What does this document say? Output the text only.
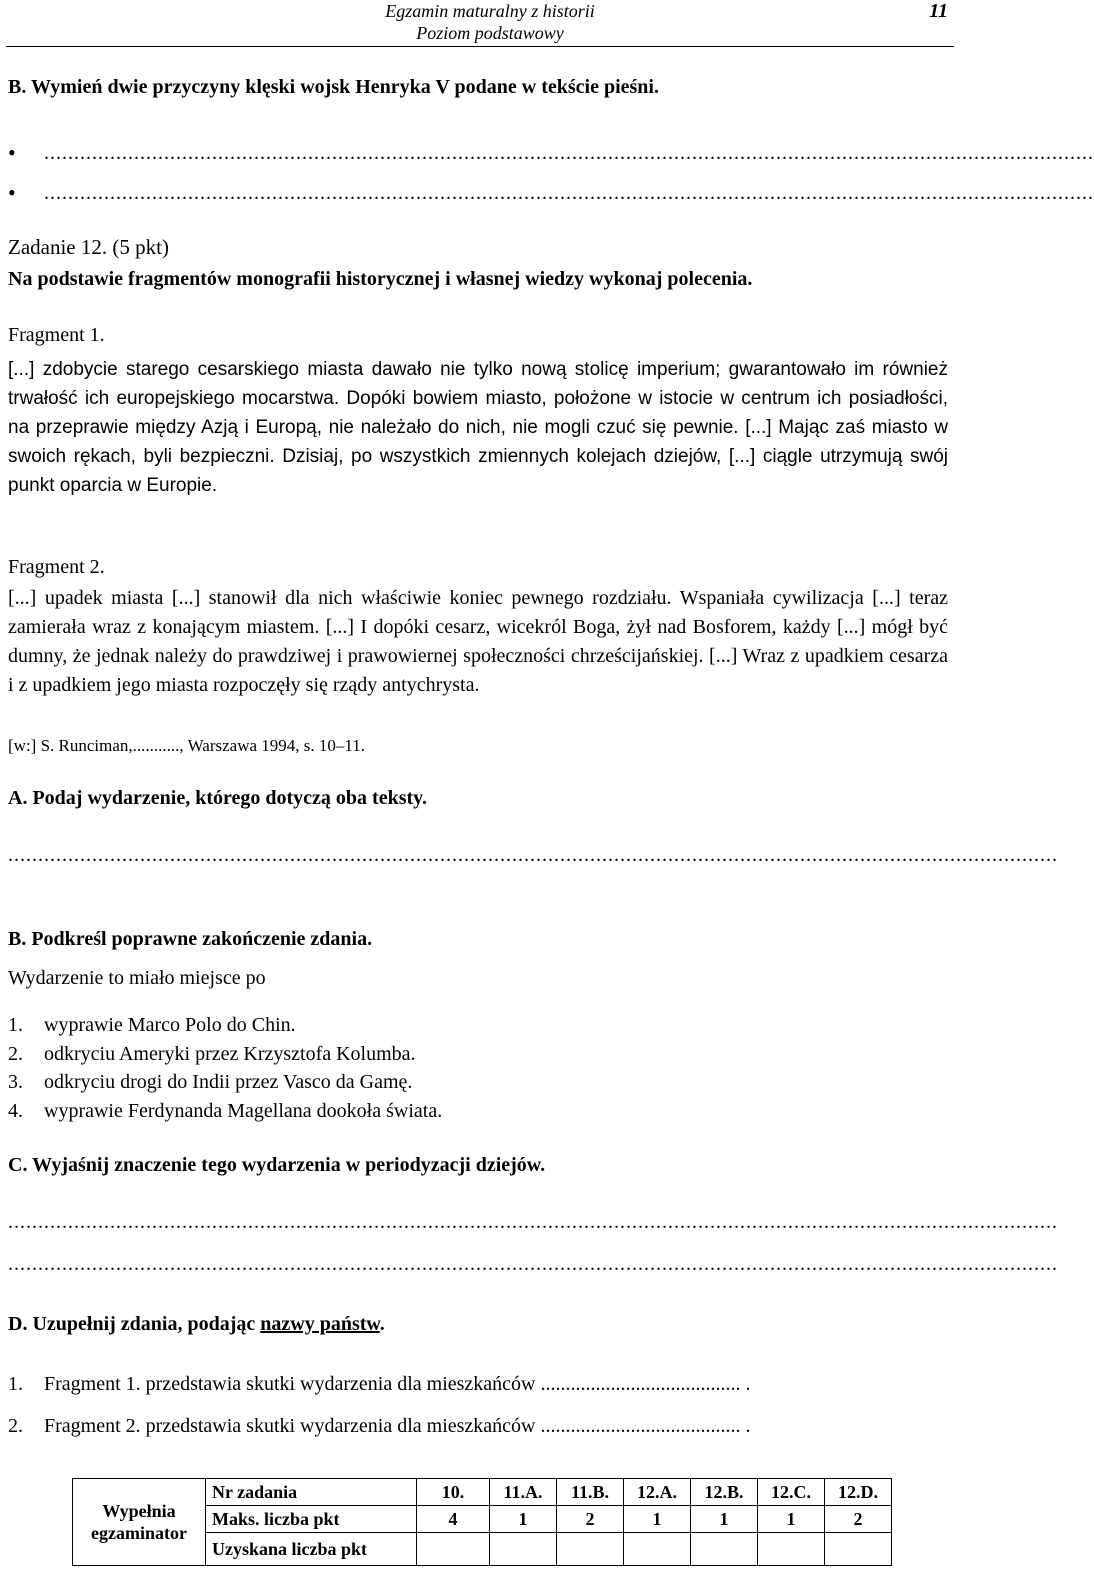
Egzamin maturalny z historii
Poziom podstawowy
11
B. Wymień dwie przyczyny klęski wojsk Henryka V podane w tekście pieśni.
• ...............................................................................................................................................................................
• ...............................................................................................................................................................................
Zadanie 12. (5 pkt)
Na podstawie fragmentów monografii historycznej i własnej wiedzy wykonaj polecenia.
Fragment 1.
[...] zdobycie starego cesarskiego miasta dawało nie tylko nową stolicę imperium; gwarantowało im również trwałość ich europejskiego mocarstwa. Dopóki bowiem miasto, położone w istocie w centrum ich posiadłości, na przeprawie między Azją i Europą, nie należało do nich, nie mogli czuć się pewnie. [...] Mając zaś miasto w swoich rękach, byli bezpieczni. Dzisiaj, po wszystkich zmiennych kolejach dziejów, [...] ciągle utrzymują swój punkt oparcia w Europie.
Fragment 2.
[...] upadek miasta [...] stanowił dla nich właściwie koniec pewnego rozdziału. Wspaniała cywilizacja [...] teraz zamierała wraz z konającym miastem. [...] I dopóki cesarz, wicekról Boga, żył nad Bosforem, każdy [...] mógł być dumny, że jednak należy do prawdziwej i prawowiernej społeczności chrześcijańskiej. [...] Wraz z upadkiem cesarza i z upadkiem jego miasta rozpoczęły się rządy antychrysta.
[w:] S. Runciman,..........., Warszawa 1994, s. 10–11.
A. Podaj wydarzenie, którego dotyczą oba teksty.
...............................................................................................................................................................................
B. Podkreśl poprawne zakończenie zdania.
Wydarzenie to miało miejsce po
1. wyprawie Marco Polo do Chin.
2. odkryciu Ameryki przez Krzysztofa Kolumba.
3. odkryciu drogi do Indii przez Vasco da Gamę.
4. wyprawie Ferdynanda Magellana dookoła świata.
C. Wyjaśnij znaczenie tego wydarzenia w periodyzacji dziejów.
...............................................................................................................................................................................
...............................................................................................................................................................................
D. Uzupełnij zdania, podając nazwy państw.
1. Fragment 1. przedstawia skutki wydarzenia dla mieszkańców ........................................ .
2. Fragment 2. przedstawia skutki wydarzenia dla mieszkańców ........................................ .
Wypełnia
egzaminator	Nr zadania	10.	11.A.	11.B.	12.A.	12.B.	12.C.	12.D.
	Maks. liczba pkt	4	1	2	1	1	1	2
	Uzyskana liczba pkt							
